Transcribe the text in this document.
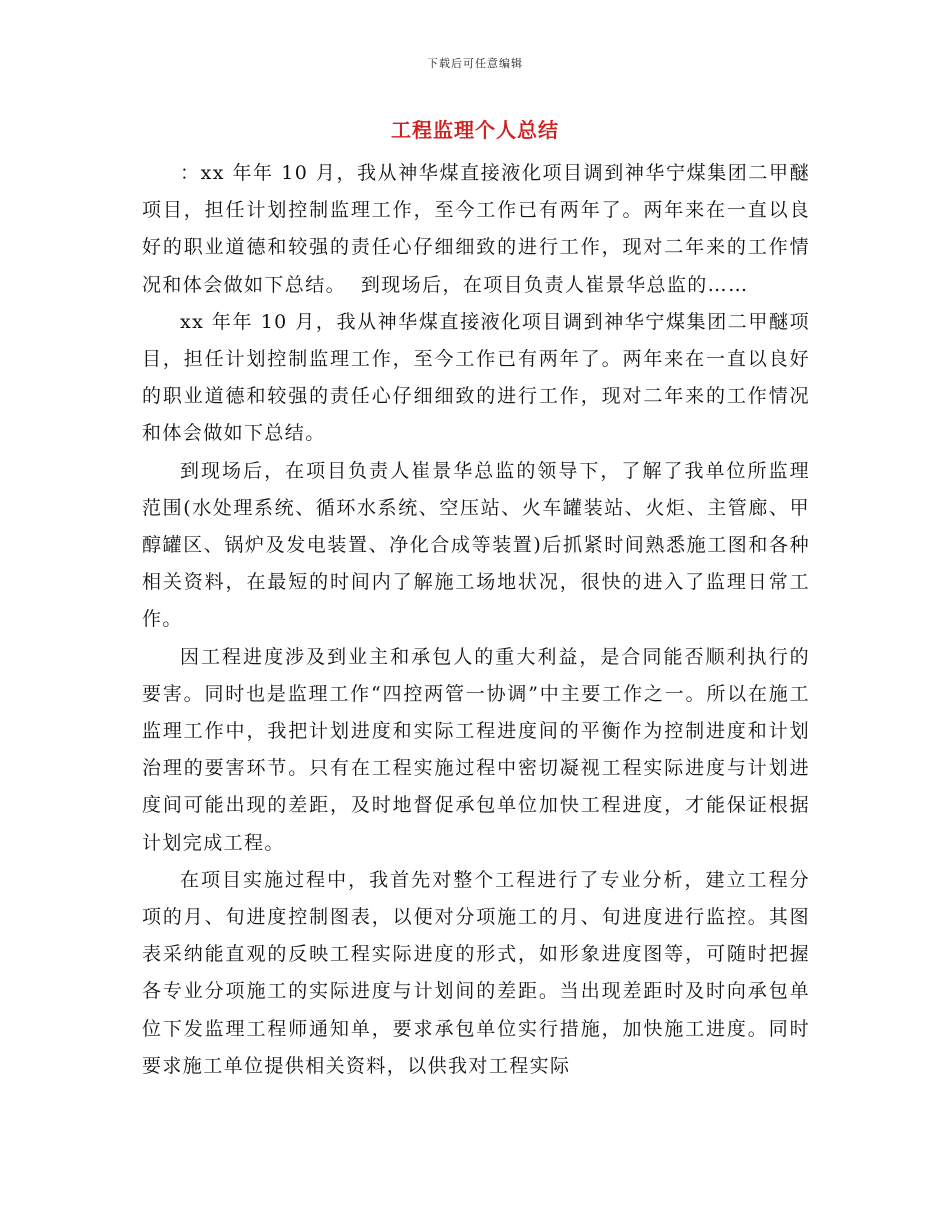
下载后可任意编辑
工程监理个人总结

：xx 年年 10 月，我从神华煤直接液化项目调到神华宁煤集团二甲醚项目，担任计划控制监理工作，至今工作已有两年了。两年来在一直以良好的职业道德和较强的责任心仔细细致的进行工作，现对二年来的工作情况和体会做如下总结。  到现场后，在项目负责人崔景华总监的……

xx 年年 10 月，我从神华煤直接液化项目调到神华宁煤集团二甲醚项目，担任计划控制监理工作，至今工作已有两年了。两年来在一直以良好的职业道德和较强的责任心仔细细致的进行工作，现对二年来的工作情况和体会做如下总结。

到现场后，在项目负责人崔景华总监的领导下，了解了我单位所监理范围(水处理系统、循环水系统、空压站、火车罐装站、火炬、主管廊、甲醇罐区、锅炉及发电装置、净化合成等装置)后抓紧时间熟悉施工图和各种相关资料，在最短的时间内了解施工场地状况，很快的进入了监理日常工作。

因工程进度涉及到业主和承包人的重大利益，是合同能否顺利执行的要害。同时也是监理工作“四控两管一协调”中主要工作之一。所以在施工监理工作中，我把计划进度和实际工程进度间的平衡作为控制进度和计划治理的要害环节。只有在工程实施过程中密切凝视工程实际进度与计划进度间可能出现的差距，及时地督促承包单位加快工程进度，才能保证根据计划完成工程。

在项目实施过程中，我首先对整个工程进行了专业分析，建立工程分项的月、旬进度控制图表，以便对分项施工的月、旬进度进行监控。其图表采纳能直观的反映工程实际进度的形式，如形象进度图等，可随时把握各专业分项施工的实际进度与计划间的差距。当出现差距时及时向承包单位下发监理工程师通知单，要求承包单位实行措施，加快施工进度。同时要求施工单位提供相关资料，以供我对工程实际
